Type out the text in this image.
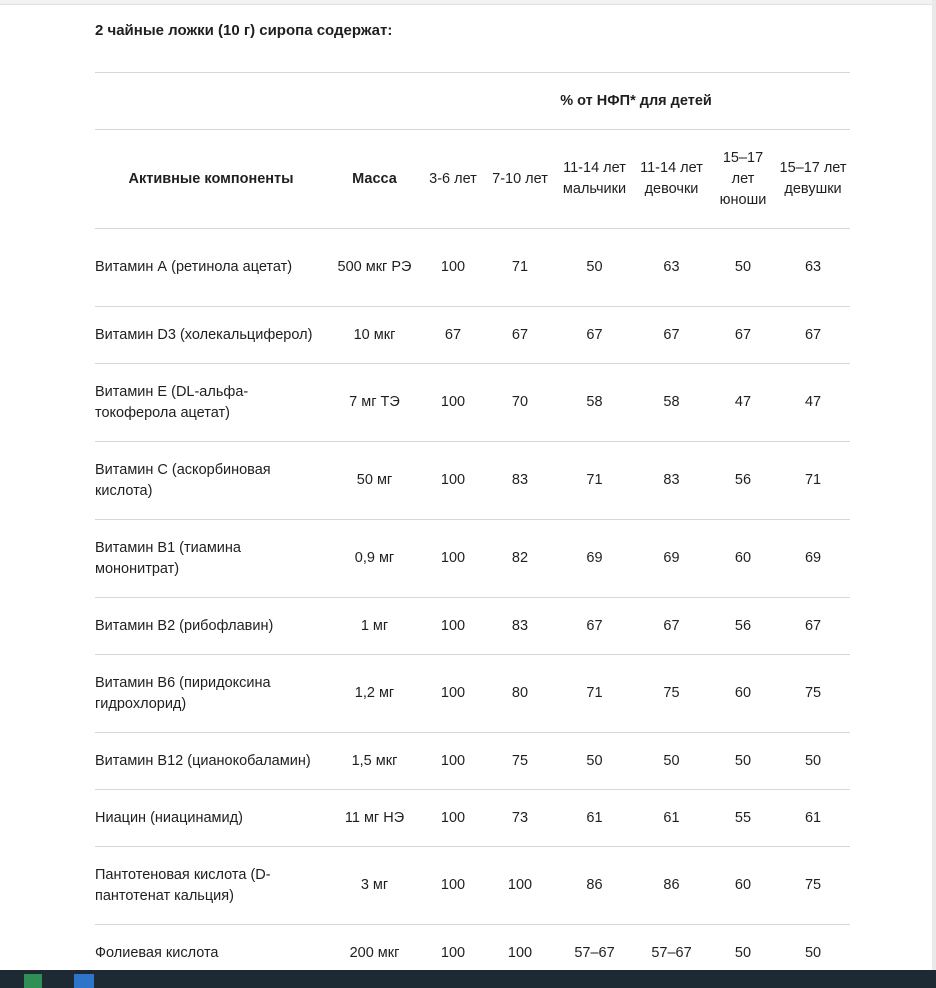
2 чайные ложки (10 г) сиропа содержат:
		% от НФП* для детей					
Активные компоненты	Масса	3-6 лет	7-10 лет	11-14 лет мальчики	11-14 лет девочки	15–17 лет юноши	15–17 лет девушки
Витамин А (ретинола ацетат)	500 мкг РЭ	100	71	50	63	50	63
Витамин D3 (холекальциферол)	10 мкг	67	67	67	67	67	67
Витамин E (DL-альфа-токоферола ацетат)	7 мг ТЭ	100	70	58	58	47	47
Витамин C (аскорбиновая кислота)	50 мг	100	83	71	83	56	71
Витамин B1 (тиамина мононитрат)	0,9 мг	100	82	69	69	60	69
Витамин B2 (рибофлавин)	1 мг	100	83	67	67	56	67
Витамин B6 (пиридоксина гидрохлорид)	1,2 мг	100	80	71	75	60	75
Витамин B12 (цианокобаламин)	1,5 мкг	100	75	50	50	50	50
Ниацин (ниацинамид)	11 мг НЭ	100	73	61	61	55	61
Пантотеновая кислота (D-пантотенат кальция)	3 мг	100	100	86	86	60	75
Фолиевая кислота	200 мкг	100	100	57–67	57–67	50	50
